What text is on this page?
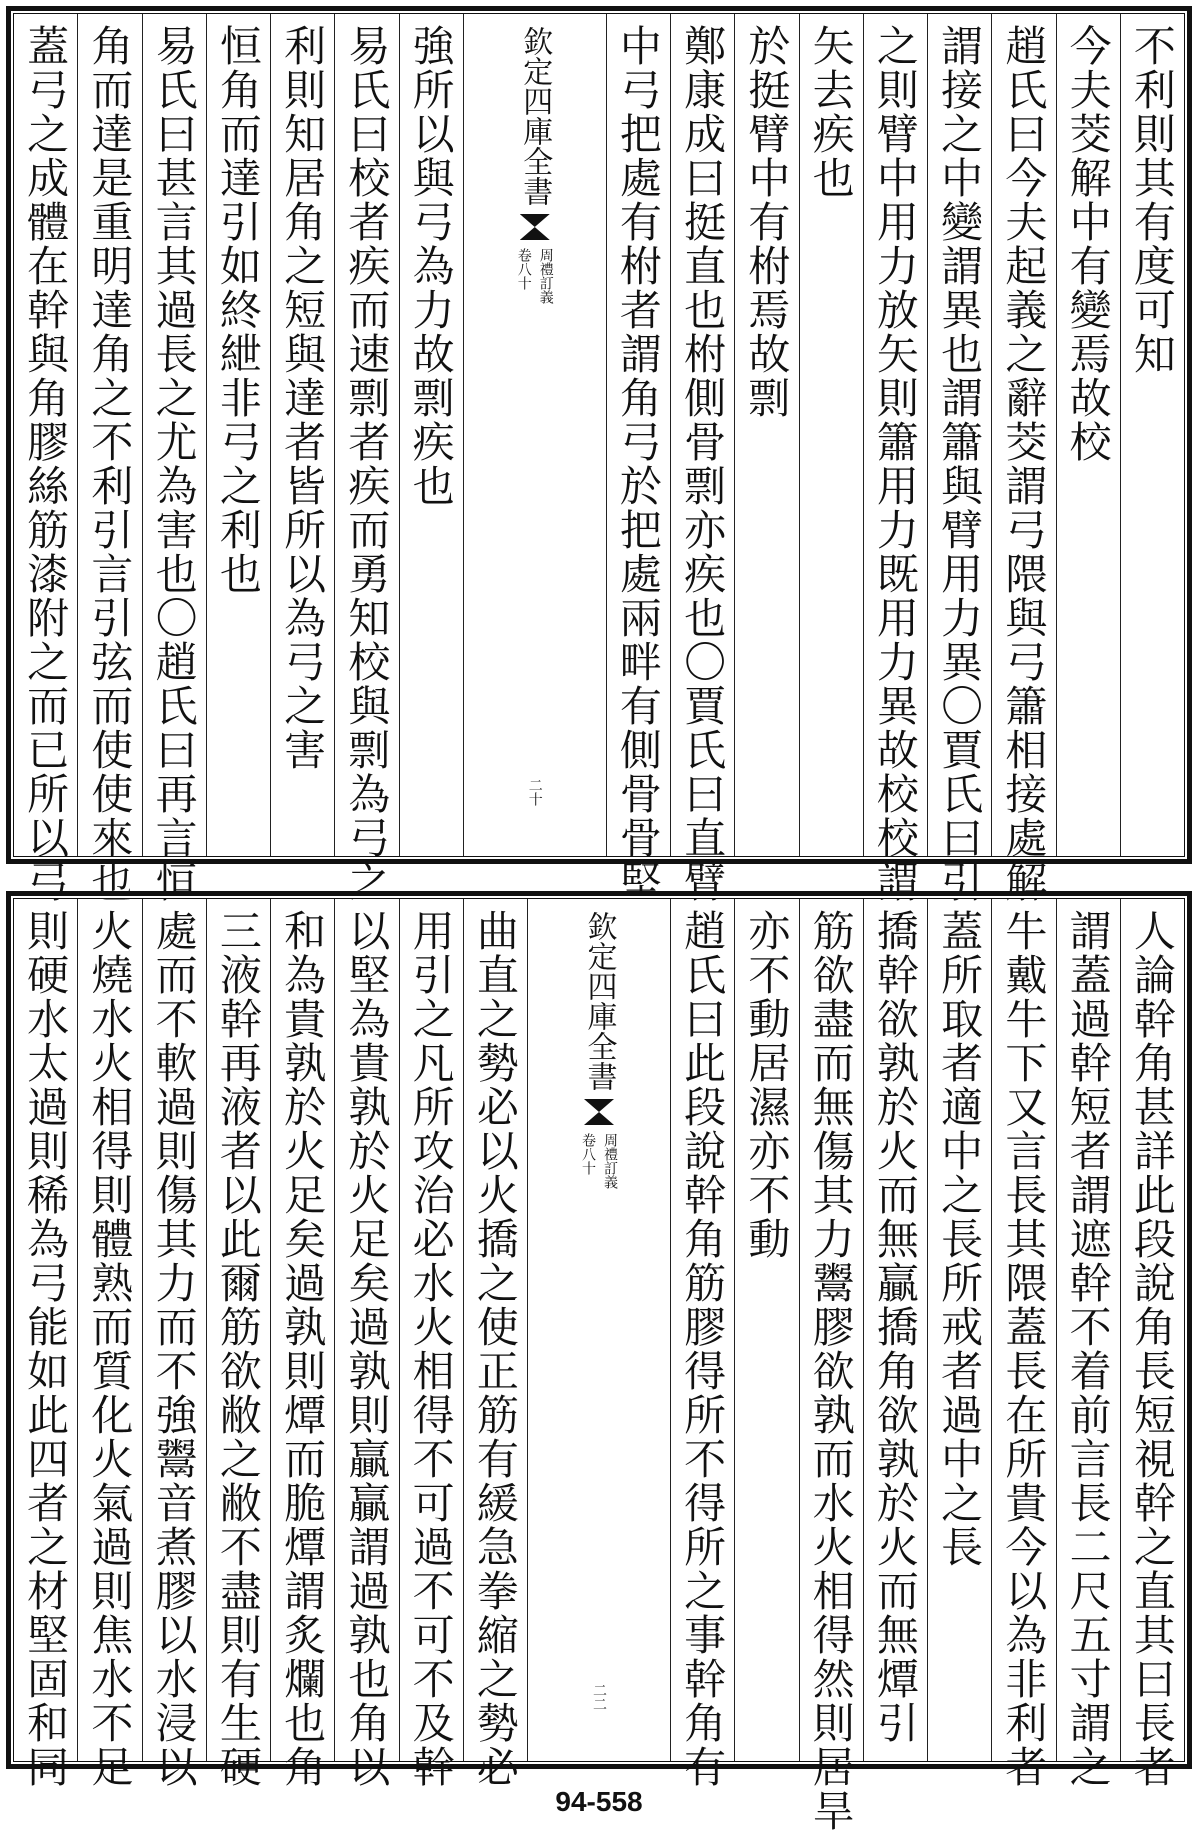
不利則其有度可知
今夫茭解中有變焉故校
趙氏曰今夫起義之辭茭謂弓隈與弓簫相接處解
謂接之中變謂異也謂簫與臂用力異〇賈氏曰引
之則臂中用力放矢則簫用力既用力異故校校謂
矢去疾也
於挺臂中有柎焉故剽
鄭康成曰挺直也柎側骨剽亦疾也〇賈氏曰直臂
中弓把處有柎者謂角弓於把處兩畔有側骨骨堅
欽定四庫全書
周禮訂義
卷八十
二十
強所以與弓為力故剽疾也
易氏曰校者疾而速剽者疾而勇知校與剽為弓之
利則知居角之短與達者皆所以為弓之害
恒角而達引如終紲非弓之利也
易氏曰甚言其過長之尤為害也〇趙氏曰再言恒
角而達是重明達角之不利引言引弦而使使來也
蓋弓之成體在幹與角膠絲筋漆附之而已所以弓
人論幹角甚詳此段說角長短視幹之直其曰長者
謂蓋過幹短者謂遮幹不着前言長二尺五寸謂之
牛戴牛下又言長其隈蓋長在所貴今以為非利者
蓋所取者適中之長所戒者過中之長
撟幹欲孰於火而無贏撟角欲孰於火而無燂引
筋欲盡而無傷其力鬻膠欲孰而水火相得然則居旱
亦不動居濕亦不動
趙氏曰此段說幹角筋膠得所不得所之事幹角有
欽定四庫全書
周禮訂義
卷八十
二二
曲直之勢必以火撟之使正筋有緩急拳縮之勢必
用引之凡所攻治必水火相得不可過不可不及幹
以堅為貴孰於火足矣過孰則贏贏謂過孰也角以
和為貴孰於火足矣過孰則燂而脆燂謂炙爛也角
三液幹再液者以此爾筋欲敝之敝不盡則有生硬
處而不軟過則傷其力而不強鬻音煮膠以水浸以
火燒水火相得則體熟而質化火氣過則焦水不足
則硬水太過則稀為弓能如此四者之材堅固和同
94-558
